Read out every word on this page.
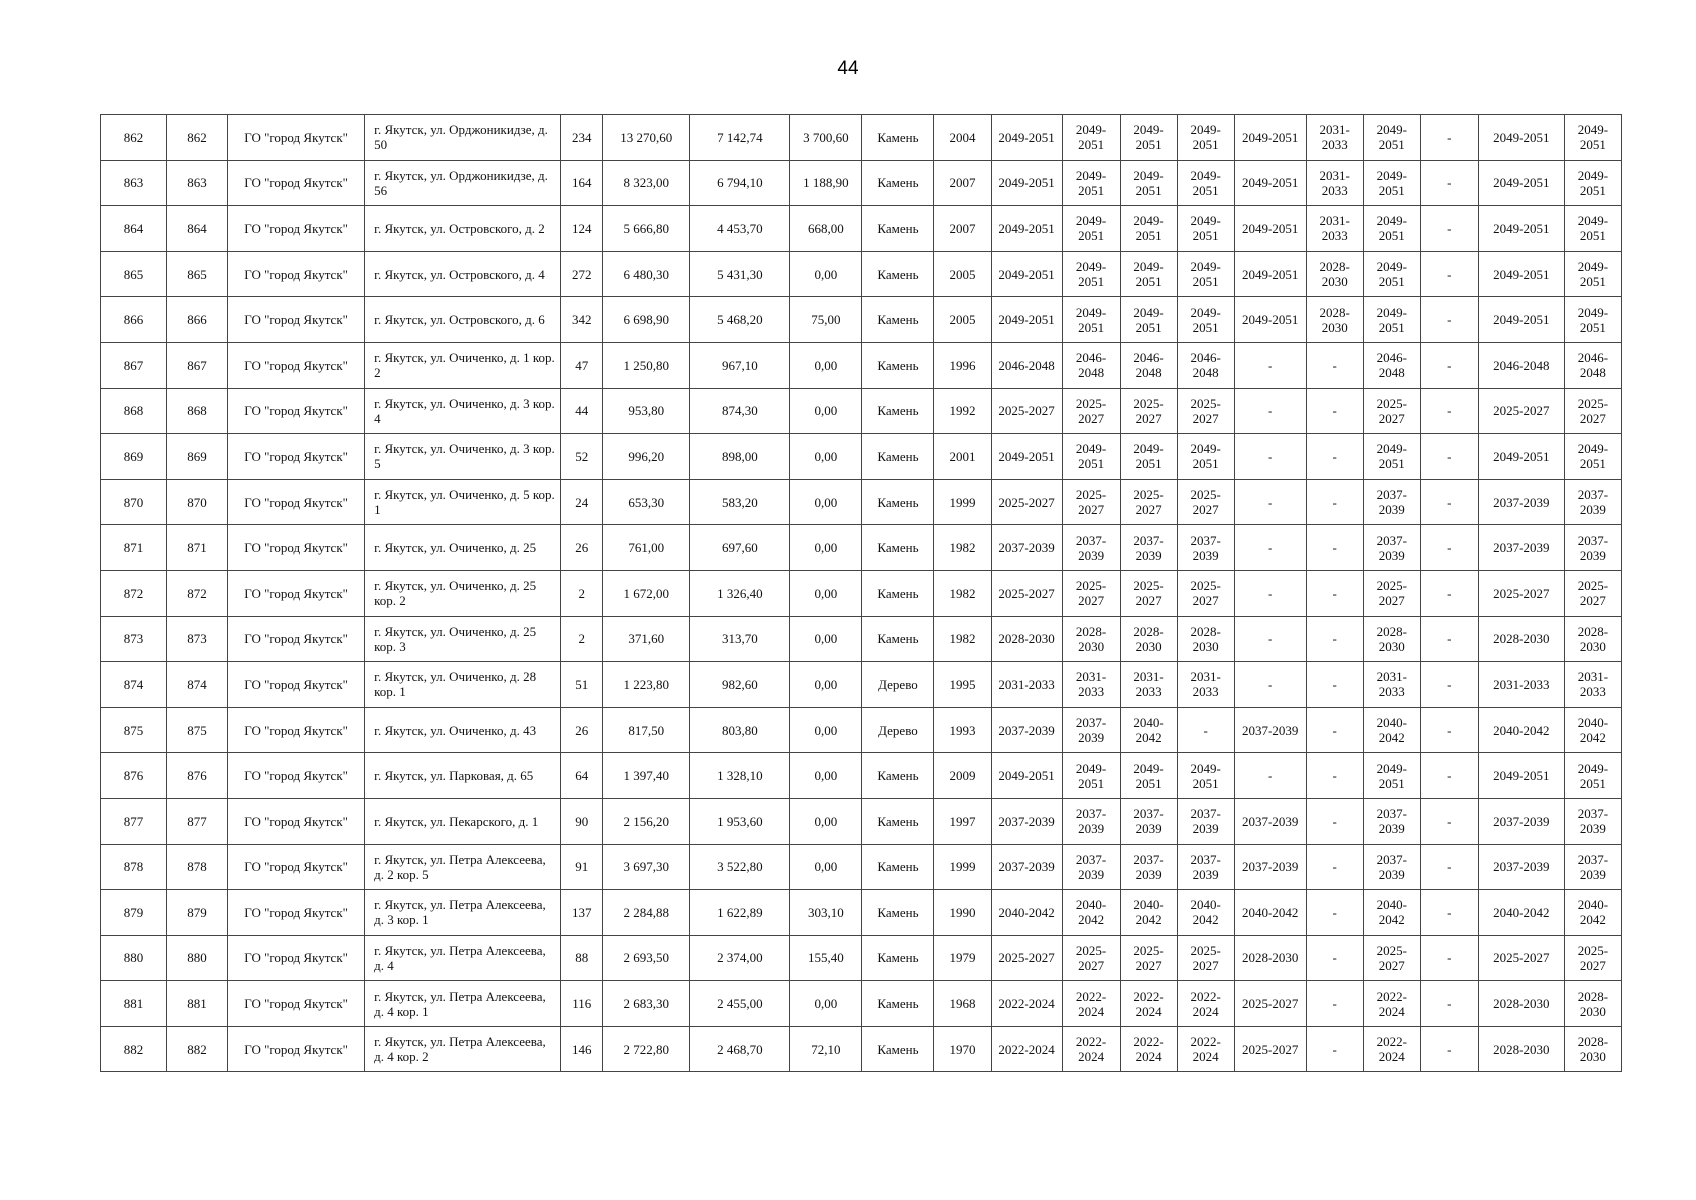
44
862	862	ГО "город Якутск"	г. Якутск, ул. Орджоникидзе, д. 50	234	13 270,60	7 142,74	3 700,60	Камень	2004	2049-2051	2049-2051	2049-2051	2049-2051	2049-2051	2031-2033	2049-2051	-	2049-2051	2049-2051
863	863	ГО "город Якутск"	г. Якутск, ул. Орджоникидзе, д. 56	164	8 323,00	6 794,10	1 188,90	Камень	2007	2049-2051	2049-2051	2049-2051	2049-2051	2049-2051	2031-2033	2049-2051	-	2049-2051	2049-2051
864	864	ГО "город Якутск"	г. Якутск, ул. Островского, д. 2	124	5 666,80	4 453,70	668,00	Камень	2007	2049-2051	2049-2051	2049-2051	2049-2051	2049-2051	2031-2033	2049-2051	-	2049-2051	2049-2051
865	865	ГО "город Якутск"	г. Якутск, ул. Островского, д. 4	272	6 480,30	5 431,30	0,00	Камень	2005	2049-2051	2049-2051	2049-2051	2049-2051	2049-2051	2028-2030	2049-2051	-	2049-2051	2049-2051
866	866	ГО "город Якутск"	г. Якутск, ул. Островского, д. 6	342	6 698,90	5 468,20	75,00	Камень	2005	2049-2051	2049-2051	2049-2051	2049-2051	2049-2051	2028-2030	2049-2051	-	2049-2051	2049-2051
867	867	ГО "город Якутск"	г. Якутск, ул. Очиченко, д. 1 кор. 2	47	1 250,80	967,10	0,00	Камень	1996	2046-2048	2046-2048	2046-2048	2046-2048	-	-	2046-2048	-	2046-2048	2046-2048
868	868	ГО "город Якутск"	г. Якутск, ул. Очиченко, д. 3 кор. 4	44	953,80	874,30	0,00	Камень	1992	2025-2027	2025-2027	2025-2027	2025-2027	-	-	2025-2027	-	2025-2027	2025-2027
869	869	ГО "город Якутск"	г. Якутск, ул. Очиченко, д. 3 кор. 5	52	996,20	898,00	0,00	Камень	2001	2049-2051	2049-2051	2049-2051	2049-2051	-	-	2049-2051	-	2049-2051	2049-2051
870	870	ГО "город Якутск"	г. Якутск, ул. Очиченко, д. 5 кор. 1	24	653,30	583,20	0,00	Камень	1999	2025-2027	2025-2027	2025-2027	2025-2027	-	-	2037-2039	-	2037-2039	2037-2039
871	871	ГО "город Якутск"	г. Якутск, ул. Очиченко, д. 25	26	761,00	697,60	0,00	Камень	1982	2037-2039	2037-2039	2037-2039	2037-2039	-	-	2037-2039	-	2037-2039	2037-2039
872	872	ГО "город Якутск"	г. Якутск, ул. Очиченко, д. 25 кор. 2	2	1 672,00	1 326,40	0,00	Камень	1982	2025-2027	2025-2027	2025-2027	2025-2027	-	-	2025-2027	-	2025-2027	2025-2027
873	873	ГО "город Якутск"	г. Якутск, ул. Очиченко, д. 25 кор. 3	2	371,60	313,70	0,00	Камень	1982	2028-2030	2028-2030	2028-2030	2028-2030	-	-	2028-2030	-	2028-2030	2028-2030
874	874	ГО "город Якутск"	г. Якутск, ул. Очиченко, д. 28 кор. 1	51	1 223,80	982,60	0,00	Дерево	1995	2031-2033	2031-2033	2031-2033	2031-2033	-	-	2031-2033	-	2031-2033	2031-2033
875	875	ГО "город Якутск"	г. Якутск, ул. Очиченко, д. 43	26	817,50	803,80	0,00	Дерево	1993	2037-2039	2037-2039	2040-2042	-	2037-2039	-	2040-2042	-	2040-2042	2040-2042
876	876	ГО "город Якутск"	г. Якутск, ул. Парковая, д. 65	64	1 397,40	1 328,10	0,00	Камень	2009	2049-2051	2049-2051	2049-2051	2049-2051	-	-	2049-2051	-	2049-2051	2049-2051
877	877	ГО "город Якутск"	г. Якутск, ул. Пекарского, д. 1	90	2 156,20	1 953,60	0,00	Камень	1997	2037-2039	2037-2039	2037-2039	2037-2039	2037-2039	-	2037-2039	-	2037-2039	2037-2039
878	878	ГО "город Якутск"	г. Якутск, ул. Петра Алексеева, д. 2 кор. 5	91	3 697,30	3 522,80	0,00	Камень	1999	2037-2039	2037-2039	2037-2039	2037-2039	2037-2039	-	2037-2039	-	2037-2039	2037-2039
879	879	ГО "город Якутск"	г. Якутск, ул. Петра Алексеева, д. 3 кор. 1	137	2 284,88	1 622,89	303,10	Камень	1990	2040-2042	2040-2042	2040-2042	2040-2042	2040-2042	-	2040-2042	-	2040-2042	2040-2042
880	880	ГО "город Якутск"	г. Якутск, ул. Петра Алексеева, д. 4	88	2 693,50	2 374,00	155,40	Камень	1979	2025-2027	2025-2027	2025-2027	2025-2027	2028-2030	-	2025-2027	-	2025-2027	2025-2027
881	881	ГО "город Якутск"	г. Якутск, ул. Петра Алексеева, д. 4 кор. 1	116	2 683,30	2 455,00	0,00	Камень	1968	2022-2024	2022-2024	2022-2024	2022-2024	2025-2027	-	2022-2024	-	2028-2030	2028-2030
882	882	ГО "город Якутск"	г. Якутск, ул. Петра Алексеева, д. 4 кор. 2	146	2 722,80	2 468,70	72,10	Камень	1970	2022-2024	2022-2024	2022-2024	2022-2024	2025-2027	-	2022-2024	-	2028-2030	2028-2030
